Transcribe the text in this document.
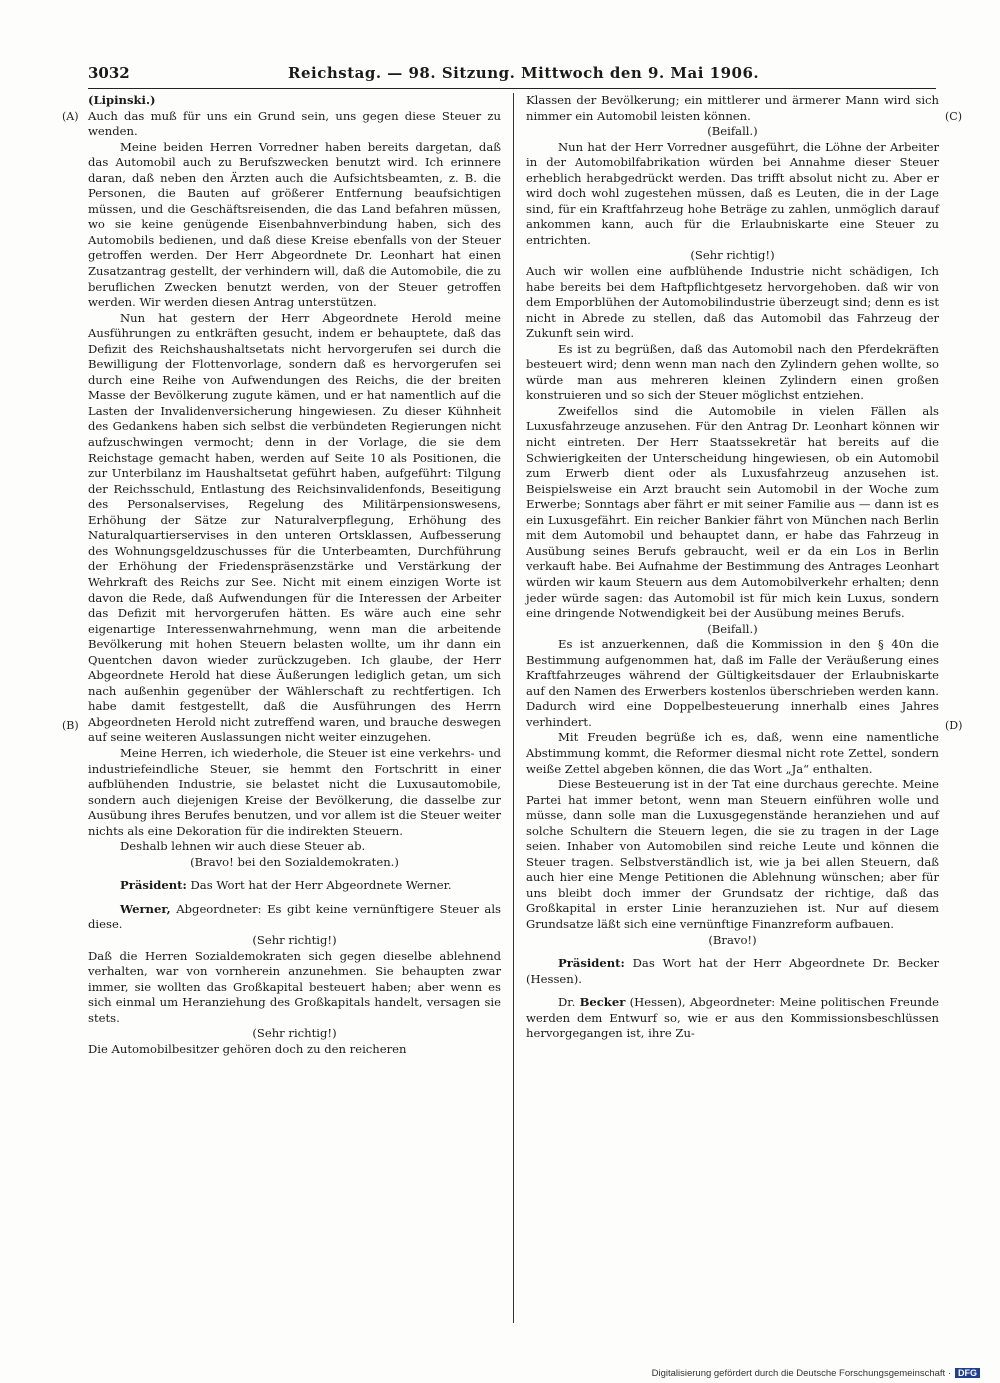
3032	Reichstag. — 98. Sitzung. Mittwoch den 9. Mai 1906.
(A)
(B)
(C)
(D)

(Lipinski.)

Auch das muß für uns ein Grund sein, uns gegen diese Steuer zu wenden.

Meine beiden Herren Vorredner haben bereits dargetan, daß das Automobil auch zu Berufszwecken benutzt wird. Ich erinnere daran, daß neben den Ärzten auch die Aufsichtsbeamten, z. B. die Personen, die Bauten auf größerer Entfernung beaufsichtigen müssen, und die Geschäftsreisenden, die das Land befahren müssen, wo sie keine genügende Eisenbahnverbindung haben, sich des Automobils bedienen, und daß diese Kreise ebenfalls von der Steuer getroffen werden. Der Herr Abgeordnete Dr. Leonhart hat einen Zusatzantrag gestellt, der verhindern will, daß die Automobile, die zu beruflichen Zwecken benutzt werden, von der Steuer getroffen werden. Wir werden diesen Antrag unterstützen.

Nun hat gestern der Herr Abgeordnete Herold meine Ausführungen zu entkräften gesucht, indem er behauptete, daß das Defizit des Reichshaushaltsetats nicht hervorgerufen sei durch die Bewilligung der Flottenvorlage, sondern daß es hervorgerufen sei durch eine Reihe von Aufwendungen des Reichs, die der breiten Masse der Bevölkerung zugute kämen, und er hat namentlich auf die Lasten der Invalidenversicherung hingewiesen. Zu dieser Kühnheit des Gedankens haben sich selbst die verbündeten Regierungen nicht aufzuschwingen vermocht; denn in der Vorlage, die sie dem Reichstage gemacht haben, werden auf Seite 10 als Positionen, die zur Unterbilanz im Haushaltsetat geführt haben, aufgeführt: Tilgung der Reichsschuld, Entlastung des Reichsinvalidenfonds, Beseitigung des Personalservises, Regelung des Militärpensionswesens, Erhöhung der Sätze zur Naturalverpflegung, Erhöhung des Naturalquartierservises in den unteren Ortsklassen, Aufbesserung des Wohnungsgeldzuschusses für die Unterbeamten, Durchführung der Erhöhung der Friedenspräsenzstärke und Verstärkung der Wehrkraft des Reichs zur See. Nicht mit einem einzigen Worte ist davon die Rede, daß Aufwendungen für die Interessen der Arbeiter das Defizit mit hervorgerufen hätten. Es wäre auch eine sehr eigenartige Interessenwahrnehmung, wenn man die arbeitende Bevölkerung mit hohen Steuern belasten wollte, um ihr dann ein Quentchen davon wieder zurückzugeben. Ich glaube, der Herr Abgeordnete Herold hat diese Äußerungen lediglich getan, um sich nach außenhin gegenüber der Wählerschaft zu rechtfertigen. Ich habe damit festgestellt, daß die Ausführungen des Herrn Abgeordneten Herold nicht zutreffend waren, und brauche deswegen auf seine weiteren Auslassungen nicht weiter einzugehen.

Meine Herren, ich wiederhole, die Steuer ist eine verkehrs- und industriefeindliche Steuer, sie hemmt den Fortschritt in einer aufblühenden Industrie, sie belastet nicht die Luxusautomobile, sondern auch diejenigen Kreise der Bevölkerung, die dasselbe zur Ausübung ihres Berufes benutzen, und vor allem ist die Steuer weiter nichts als eine Dekoration für die indirekten Steuern.

Deshalb lehnen wir auch diese Steuer ab.

(Bravo! bei den Sozialdemokraten.)

Präsident: Das Wort hat der Herr Abgeordnete Werner.

Werner, Abgeordneter: Es gibt keine vernünftigere Steuer als diese.

(Sehr richtig!)

Daß die Herren Sozialdemokraten sich gegen dieselbe ablehnend verhalten, war von vornherein anzunehmen. Sie behaupten zwar immer, sie wollten das Großkapital besteuert haben; aber wenn es sich einmal um Heranziehung des Großkapitals handelt, versagen sie stets.

(Sehr richtig!)

Die Automobilbesitzer gehören doch zu den reicheren

Klassen der Bevölkerung; ein mittlerer und ärmerer Mann wird sich nimmer ein Automobil leisten können.

(Beifall.)

Nun hat der Herr Vorredner ausgeführt, die Löhne der Arbeiter in der Automobilfabrikation würden bei Annahme dieser Steuer erheblich herabgedrückt werden. Das trifft absolut nicht zu. Aber er wird doch wohl zugestehen müssen, daß es Leuten, die in der Lage sind, für ein Kraftfahrzeug hohe Beträge zu zahlen, unmöglich darauf ankommen kann, auch für die Erlaubniskarte eine Steuer zu entrichten.

(Sehr richtig!)

Auch wir wollen eine aufblühende Industrie nicht schädigen, Ich habe bereits bei dem Haftpflichtgesetz hervorgehoben. daß wir von dem Emporblühen der Automobilindustrie überzeugt sind; denn es ist nicht in Abrede zu stellen, daß das Automobil das Fahrzeug der Zukunft sein wird.

Es ist zu begrüßen, daß das Automobil nach den Pferdekräften besteuert wird; denn wenn man nach den Zylindern gehen wollte, so würde man aus mehreren kleinen Zylindern einen großen konstruieren und so sich der Steuer möglichst entziehen.

Zweifellos sind die Automobile in vielen Fällen als Luxusfahrzeuge anzusehen. Für den Antrag Dr. Leonhart können wir nicht eintreten. Der Herr Staatssekretär hat bereits auf die Schwierigkeiten der Unterscheidung hingewiesen, ob ein Automobil zum Erwerb dient oder als Luxusfahrzeug anzusehen ist. Beispielsweise ein Arzt braucht sein Automobil in der Woche zum Erwerbe; Sonntags aber fährt er mit seiner Familie aus — dann ist es ein Luxusgefährt. Ein reicher Bankier fährt von München nach Berlin mit dem Automobil und behauptet dann, er habe das Fahrzeug in Ausübung seines Berufs gebraucht, weil er da ein Los in Berlin verkauft habe. Bei Aufnahme der Bestimmung des Antrages Leonhart würden wir kaum Steuern aus dem Automobilverkehr erhalten; denn jeder würde sagen: das Automobil ist für mich kein Luxus, sondern eine dringende Notwendigkeit bei der Ausübung meines Berufs.

(Beifall.)

Es ist anzuerkennen, daß die Kommission in den § 40n die Bestimmung aufgenommen hat, daß im Falle der Veräußerung eines Kraftfahrzeuges während der Gültigkeitsdauer der Erlaubniskarte auf den Namen des Erwerbers kostenlos überschrieben werden kann. Dadurch wird eine Doppelbesteuerung innerhalb eines Jahres verhindert.

Mit Freuden begrüße ich es, daß, wenn eine namentliche Abstimmung kommt, die Reformer diesmal nicht rote Zettel, sondern weiße Zettel abgeben können, die das Wort „Ja“ enthalten.

Diese Besteuerung ist in der Tat eine durchaus gerechte. Meine Partei hat immer betont, wenn man Steuern einführen wolle und müsse, dann solle man die Luxusgegenstände heranziehen und auf solche Schultern die Steuern legen, die sie zu tragen in der Lage seien. Inhaber von Automobilen sind reiche Leute und können die Steuer tragen. Selbstverständlich ist, wie ja bei allen Steuern, daß auch hier eine Menge Petitionen die Ablehnung wünschen; aber für uns bleibt doch immer der Grundsatz der richtige, daß das Großkapital in erster Linie heranzuziehen ist. Nur auf diesem Grundsatze läßt sich eine vernünftige Finanzreform aufbauen.

(Bravo!)

Präsident: Das Wort hat der Herr Abgeordnete Dr. Becker (Hessen).

Dr. Becker (Hessen), Abgeordneter: Meine politischen Freunde werden dem Entwurf so, wie er aus den Kommissionsbeschlüssen hervorgegangen ist, ihre Zu-

Digitalisierung gefördert durch die Deutsche Forschungsgemeinschaft · DFG
